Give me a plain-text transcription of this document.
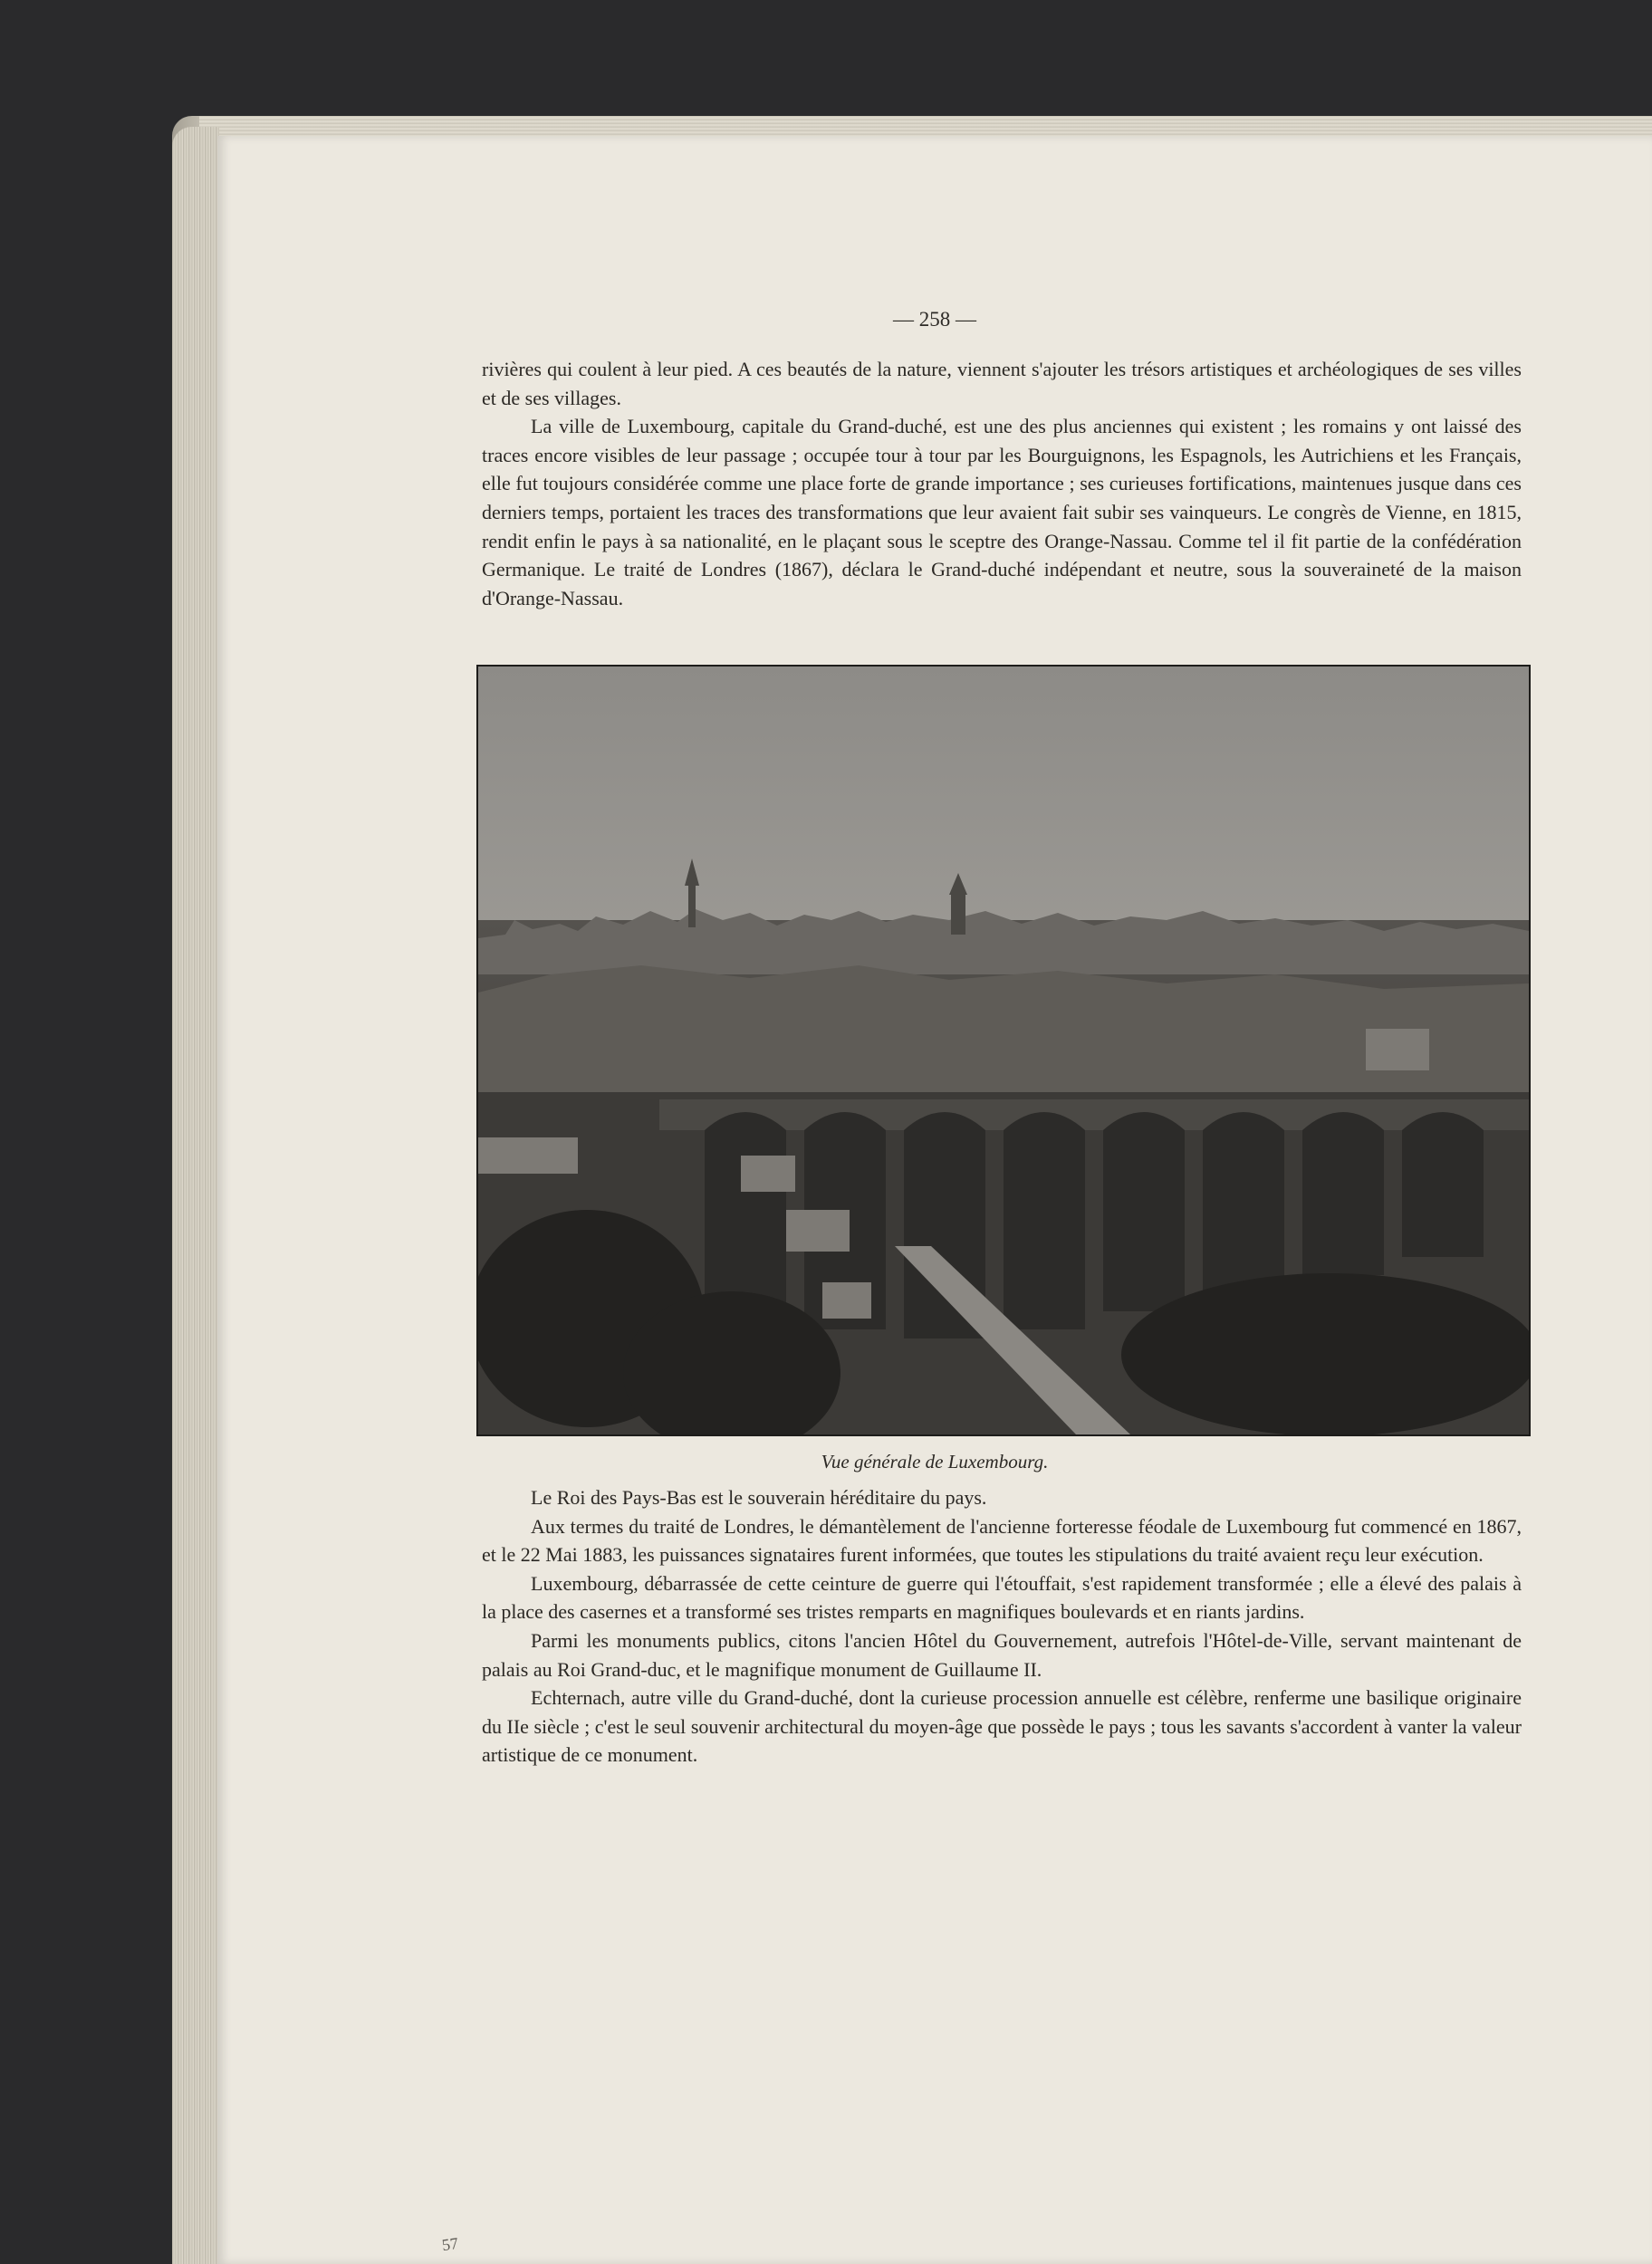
— 258 —

rivières qui coulent à leur pied. A ces beautés de la nature, viennent s'ajouter les trésors artistiques et archéologiques de ses villes et de ses villages.

La ville de Luxembourg, capitale du Grand-duché, est une des plus anciennes qui existent ; les romains y ont laissé des traces encore visibles de leur passage ; occupée tour à tour par les Bourguignons, les Espagnols, les Autrichiens et les Français, elle fut toujours considérée comme une place forte de grande importance ; ses curieuses fortifications, maintenues jusque dans ces derniers temps, portaient les traces des transformations que leur avaient fait subir ses vainqueurs. Le congrès de Vienne, en 1815, rendit enfin le pays à sa nationalité, en le plaçant sous le sceptre des Orange-Nassau. Comme tel il fit partie de la confédération Germanique. Le traité de Londres (1867), déclara le Grand-duché indépendant et neutre, sous la souveraineté de la maison d'Orange-Nassau.

Vue générale de Luxembourg.

Le Roi des Pays-Bas est le souverain héréditaire du pays.

Aux termes du traité de Londres, le démantèlement de l'ancienne forteresse féodale de Luxembourg fut commencé en 1867, et le 22 Mai 1883, les puissances signataires furent informées, que toutes les stipulations du traité avaient reçu leur exécution.

Luxembourg, débarrassée de cette ceinture de guerre qui l'étouffait, s'est rapidement transformée ; elle a élevé des palais à la place des casernes et a transformé ses tristes remparts en magnifiques boulevards et en riants jardins.

Parmi les monuments publics, citons l'ancien Hôtel du Gouvernement, autrefois l'Hôtel-de-Ville, servant maintenant de palais au Roi Grand-duc, et le magnifique monument de Guillaume II.

Echternach, autre ville du Grand-duché, dont la curieuse procession annuelle est célèbre, renferme une basilique originaire du IIe siècle ; c'est le seul souvenir architectural du moyen-âge que possède le pays ; tous les savants s'accordent à vanter la valeur artistique de ce monument.

57
